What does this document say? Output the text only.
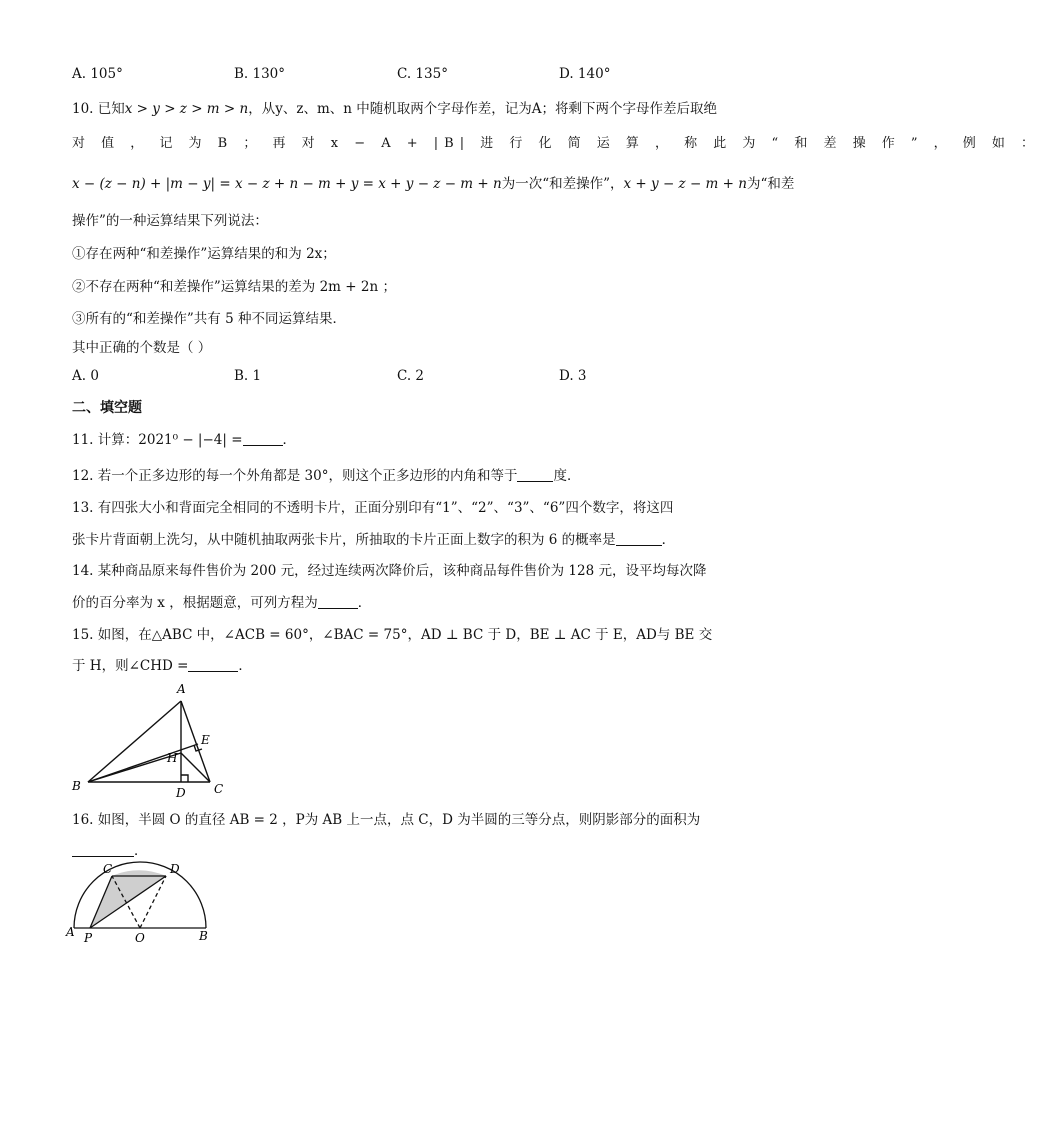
A. 105°	B. 130°	C. 135°	D. 140°
10. 已知x > y > z > m > n，从y、z、m、n 中随机取两个字母作差，记为A；将剩下两个字母作差后取绝
对 值 ， 记 为 B ； 再 对 x − A + |B| 进 行 化 简 运 算 ， 称 此 为 “ 和 差 操 作 ” ， 例 如 ：
x − (z − n) + |m − y| = x − z + n − m + y = x + y − z − m + n为一次“和差操作”，x + y − z − m + n为“和差
操作”的一种运算结果下列说法：
①存在两种“和差操作”运算结果的和为 2x；
②不存在两种“和差操作”运算结果的差为 2m + 2n ；
③所有的“和差操作”共有 5 种不同运算结果．
其中正确的个数是（ ）
A. 0	B. 1	C. 2	D. 3
二、填空题
11. 计算：2021⁰ − |−4| =	．
12. 若一个正多边形的每一个外角都是 30°，则这个正多边形的内角和等于	度．
13. 有四张大小和背面完全相同的不透明卡片，正面分别印有“1”、“2”、“3”、“6”四个数字，将这四
张卡片背面朝上洗匀，从中随机抽取两张卡片，所抽取的卡片正面上数字的积为 6 的概率是	．
14. 某种商品原来每件售价为 200 元，经过连续两次降价后，该种商品每件售价为 128 元，设平均每次降
价的百分率为 x ，根据题意，可列方程为	．
15. 如图，在△ABC 中，∠ACB = 60°，∠BAC = 75°，AD ⊥ BC 于 D，BE ⊥ AC 于 E，AD与 BE 交
于 H，则∠CHD =	．
A
B	C
D
E
H
16. 如图，半圆 O 的直径 AB = 2 ，P为 AB 上一点，点 C，D 为半圆的三等分点，则阴影部分的面积为
．
C	D
A P	O	B
